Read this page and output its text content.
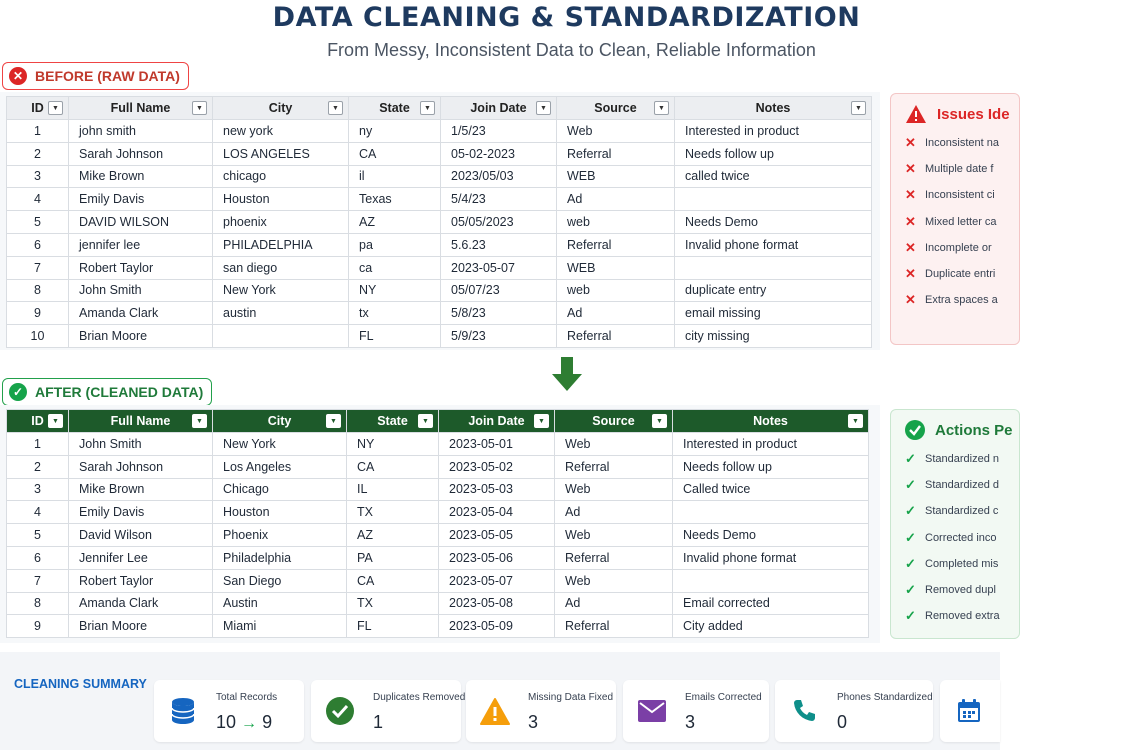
DATA CLEANING & STANDARDIZATION
From Messy, Inconsistent Data to Clean, Reliable Information
✕ BEFORE (RAW DATA)
ID ▼	Full Name ▼	City ▼	State ▼	Join Date ▼	Source ▼	Notes ▼

1	john smith	new york	ny	1/5/23	Web	Interested in product
2	Sarah Johnson	LOS ANGELES	CA	05-02-2023	Referral	Needs follow up
3	Mike Brown	chicago	il	2023/05/03	WEB	called twice
4	Emily Davis	Houston	Texas	5/4/23	Ad	
5	DAVID WILSON	phoenix	AZ	05/05/2023	web	Needs Demo
6	jennifer lee	PHILADELPHIA	pa	5.6.23	Referral	Invalid phone format
7	Robert Taylor	san diego	ca	2023-05-07	WEB	
8	John Smith	New York	NY	05/07/23	web	duplicate entry
9	Amanda Clark	austin	tx	5/8/23	Ad	email missing
10	Brian Moore		FL	5/9/23	Referral	city missing
✓ AFTER (CLEANED DATA)
ID ▼	Full Name ▼	City ▼	State ▼	Join Date ▼	Source ▼	Notes ▼

1	John Smith	New York	NY	2023-05-01	Web	Interested in product
2	Sarah Johnson	Los Angeles	CA	2023-05-02	Referral	Needs follow up
3	Mike Brown	Chicago	IL	2023-05-03	Web	Called twice
4	Emily Davis	Houston	TX	2023-05-04	Ad	
5	David Wilson	Phoenix	AZ	2023-05-05	Web	Needs Demo
6	Jennifer Lee	Philadelphia	PA	2023-05-06	Referral	Invalid phone format
7	Robert Taylor	San Diego	CA	2023-05-07	Web	
8	Amanda Clark	Austin	TX	2023-05-08	Ad	Email corrected
9	Brian Moore	Miami	FL	2023-05-09	Referral	City added
Issues Ide
✕ Inconsistent na
✕ Multiple date f
✕ Inconsistent ci
✕ Mixed letter ca
✕ Incomplete or
✕ Duplicate entri
✕ Extra spaces a
Actions Pe
✓ Standardized n
✓ Standardized d
✓ Standardized c
✓ Corrected inco
✓ Completed mis
✓ Removed dupl
✓ Removed extra
CLEANING SUMMARY
Total Records
10 → 9
Duplicates Removed
1
Missing Data Fixed
3
Emails Corrected
3
Phones Standardized
0
